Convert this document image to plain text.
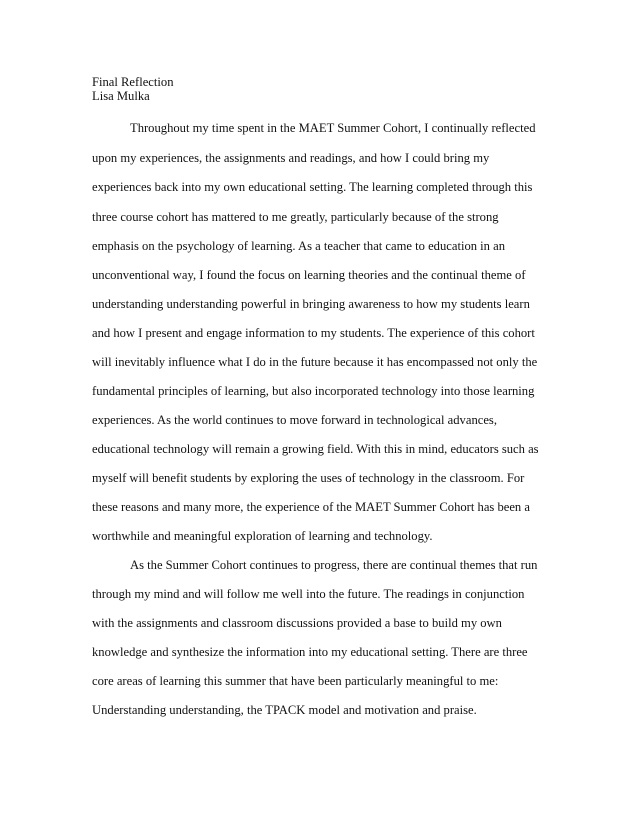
Final Reflection
Lisa Mulka
Throughout my time spent in the MAET Summer Cohort, I continually reflected
upon my experiences, the assignments and readings, and how I could bring my
experiences back into my own educational setting. The learning completed through this
three course cohort has mattered to me greatly, particularly because of the strong
emphasis on the psychology of learning. As a teacher that came to education in an
unconventional way, I found the focus on learning theories and the continual theme of
understanding understanding powerful in bringing awareness to how my students learn
and how I present and engage information to my students. The experience of this cohort
will inevitably influence what I do in the future because it has encompassed not only the
fundamental principles of learning, but also incorporated technology into those learning
experiences. As the world continues to move forward in technological advances,
educational technology will remain a growing field. With this in mind, educators such as
myself will benefit students by exploring the uses of technology in the classroom. For
these reasons and many more, the experience of the MAET Summer Cohort has been a
worthwhile and meaningful exploration of learning and technology.
As the Summer Cohort continues to progress, there are continual themes that run
through my mind and will follow me well into the future. The readings in conjunction
with the assignments and classroom discussions provided a base to build my own
knowledge and synthesize the information into my educational setting. There are three
core areas of learning this summer that have been particularly meaningful to me:
Understanding understanding, the TPACK model and motivation and praise.
